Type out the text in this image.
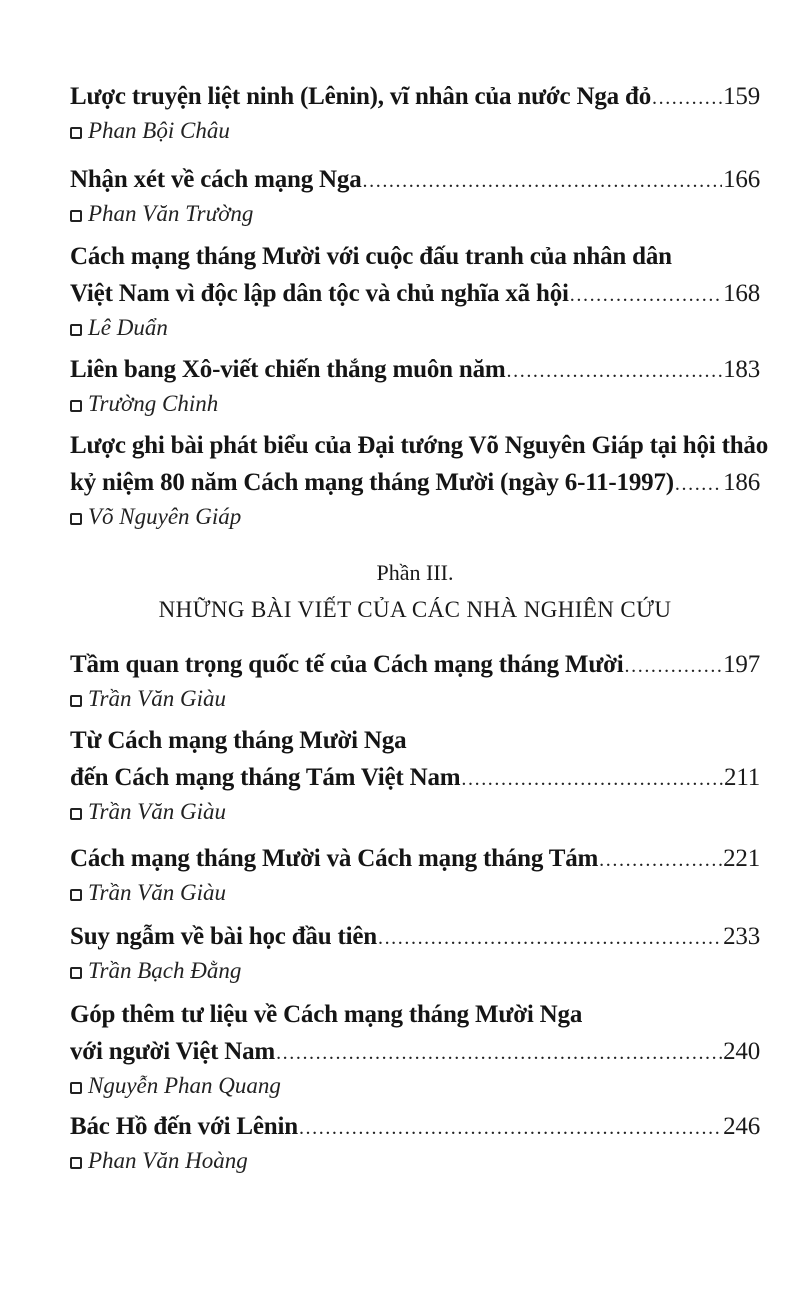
Lược truyện liệt ninh (Lênin), vĩ nhân của nước Nga đỏ .....	159
Phan Bội Châu
Nhận xét về cách mạng Nga .....	166
Phan Văn Trường
Cách mạng tháng Mười với cuộc đấu tranh của nhân dân
Việt Nam vì độc lập dân tộc và chủ nghĩa xã hội .....	168
Lê Duẩn
Liên bang Xô-viết chiến thắng muôn năm .....	183
Trường Chinh
Lược ghi bài phát biểu của Đại tướng Võ Nguyên Giáp tại hội thảo
kỷ niệm 80 năm Cách mạng tháng Mười (ngày 6-11-1997) ..... 186
Võ Nguyên Giáp
Phần III.
NHỮNG BÀI VIẾT CỦA CÁC NHÀ NGHIÊN CỨU
Tầm quan trọng quốc tế của Cách mạng tháng Mười .....	197
Trần Văn Giàu
Từ Cách mạng tháng Mười Nga
đến Cách mạng tháng Tám Việt Nam .....	211
Trần Văn Giàu
Cách mạng tháng Mười và Cách mạng tháng Tám .....	221
Trần Văn Giàu
Suy ngẫm về bài học đầu tiên .....	233
Trần Bạch Đằng
Góp thêm tư liệu về Cách mạng tháng Mười Nga
với người Việt Nam .....	240
Nguyễn Phan Quang
Bác Hồ đến với Lênin .....	246
Phan Văn Hoàng
